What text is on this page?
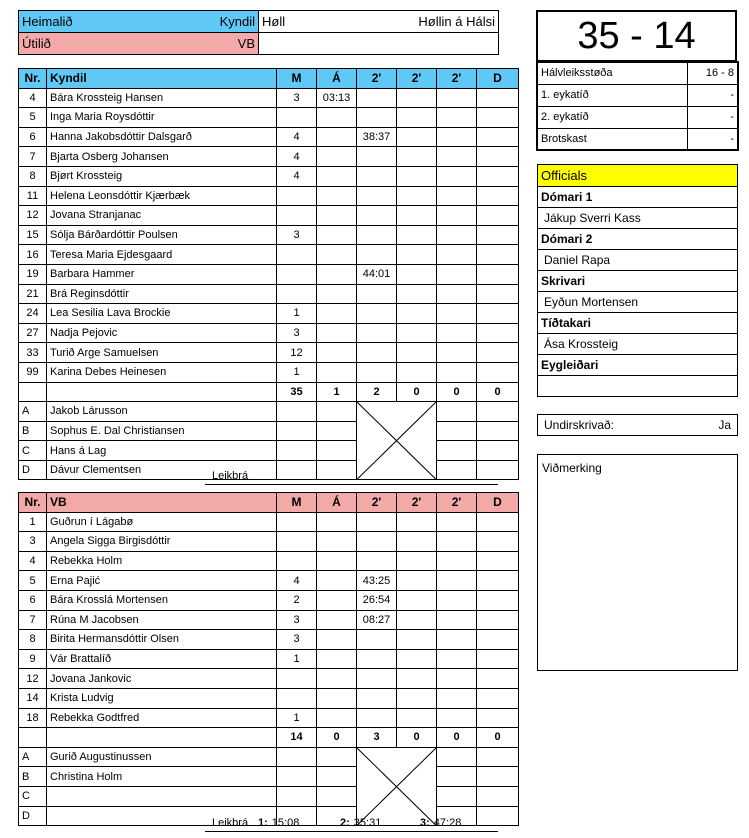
Heimalið Kyndil	Høll Høllin á Hálsi

Útilið VB	
		35 - 14
Hálvleiksstøða	16 - 8
1. eykatíð	-
2. eykatíð	-
Brotskast	-
Officials
Dómari 1
Jákup Sverri Kass
Dómari 2
Daniel Rapa
Skrivari
Eyðun Mortensen
Tíðtakari
Ása Krossteig
Eygleiðari

Undirskrivað:	Ja
Viðmerking
Nr.	Kyndil	M	Á	2'	2'	2'	D
4	Bára Krossteig Hansen	3	03:13				
5	Inga Maria Roysdóttir						
6	Hanna Jakobsdóttir Dalsgarð	4		38:37			
7	Bjarta Osberg Johansen	4					
8	Bjørt Krossteig	4					
11	Helena Leonsdóttir Kjærbæk						
12	Jovana Stranjanac						
15	Sólja Bárðardóttir Poulsen	3					
16	Teresa Maria Ejdesgaard						
19	Barbara Hammer			44:01			
21	Brá Reginsdóttir						
24	Lea Sesilia Lava Brockie	1					
27	Nadja Pejovic	3					
33	Turið Arge Samuelsen	12					
99	Karina Debes Heinesen	1					
		35	1	2	0	0	0
A	Jakob Lárusson			

B	Sophus E. Dal Christiansen						
C	Hans á Lag						
D	Dávur Clementsen							Leikbrá
Nr.	VB	M	Á	2'	2'	2'	D
1	Guðrun í Lágabø						
3	Angela Sigga Birgisdóttir						
4	Rebekka Holm						
5	Erna Pajić	4		43:25			
6	Bára Krosslá Mortensen	2		26:54			
7	Rúna M Jacobsen	3		08:27			
8	Birita Hermansdóttir Olsen	3					
9	Vár Brattalíð	1					
12	Jovana Jankovic						
14	Krista Ludvig						
18	Rebekka Godtfred	1					
		14	0	3	0	0	0
A	Gurið Augustinussen			

B	Christina Holm						
C							
D							
Leikbrá 1: 15:08	2: 35:31	3: 47:28
